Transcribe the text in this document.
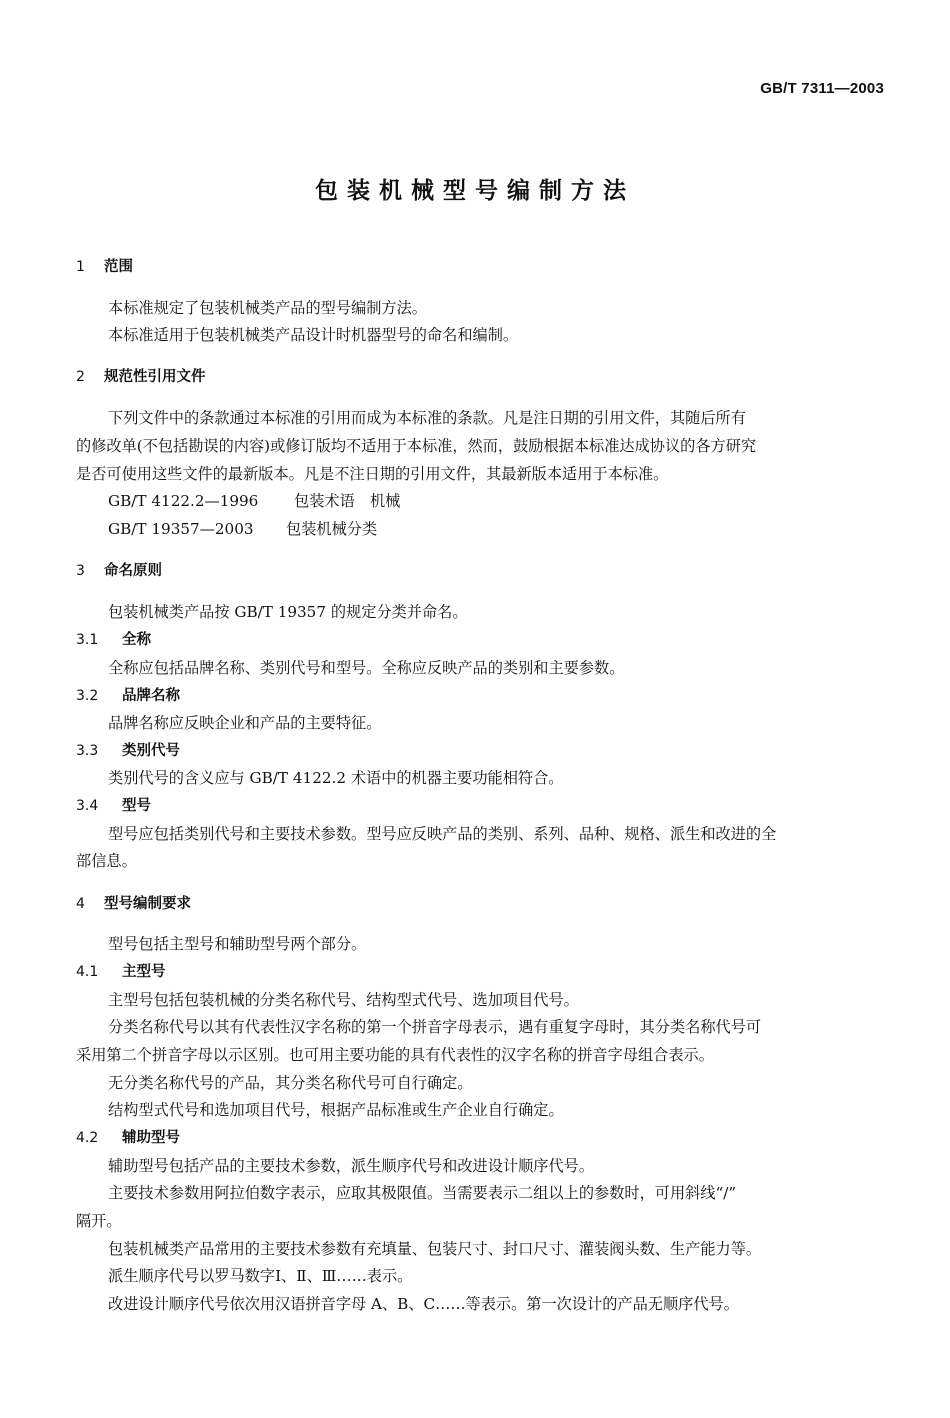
GB/T 7311—2003
包装机械型号编制方法
1 范围
本标准规定了包装机械类产品的型号编制方法。
本标准适用于包装机械类产品设计时机器型号的命名和编制。
2 规范性引用文件
下列文件中的条款通过本标准的引用而成为本标准的条款。凡是注日期的引用文件，其随后所有
的修改单(不包括勘误的内容)或修订版均不适用于本标准，然而，鼓励根据本标准达成协议的各方研究
是否可使用这些文件的最新版本。凡是不注日期的引用文件，其最新版本适用于本标准。
GB/T 4122.2—1996 包装术语　机械
GB/T 19357—2003 包装机械分类
3 命名原则
包装机械类产品按 GB/T 19357 的规定分类并命名。
3.1 全称
全称应包括品牌名称、类别代号和型号。全称应反映产品的类别和主要参数。
3.2 品牌名称
品牌名称应反映企业和产品的主要特征。
3.3 类别代号
类别代号的含义应与 GB/T 4122.2 术语中的机器主要功能相符合。
3.4 型号
型号应包括类别代号和主要技术参数。型号应反映产品的类别、系列、品种、规格、派生和改进的全
部信息。
4 型号编制要求
型号包括主型号和辅助型号两个部分。
4.1 主型号
主型号包括包装机械的分类名称代号、结构型式代号、选加项目代号。
分类名称代号以其有代表性汉字名称的第一个拼音字母表示，遇有重复字母时，其分类名称代号可
采用第二个拼音字母以示区别。也可用主要功能的具有代表性的汉字名称的拼音字母组合表示。
无分类名称代号的产品，其分类名称代号可自行确定。
结构型式代号和选加项目代号，根据产品标准或生产企业自行确定。
4.2 辅助型号
辅助型号包括产品的主要技术参数，派生顺序代号和改进设计顺序代号。
主要技术参数用阿拉伯数字表示，应取其极限值。当需要表示二组以上的参数时，可用斜线“/”
隔开。
包装机械类产品常用的主要技术参数有充填量、包装尺寸、封口尺寸、灌装阀头数、生产能力等。
派生顺序代号以罗马数字Ⅰ、Ⅱ、Ⅲ……表示。
改进设计顺序代号依次用汉语拼音字母 A、B、C……等表示。第一次设计的产品无顺序代号。
